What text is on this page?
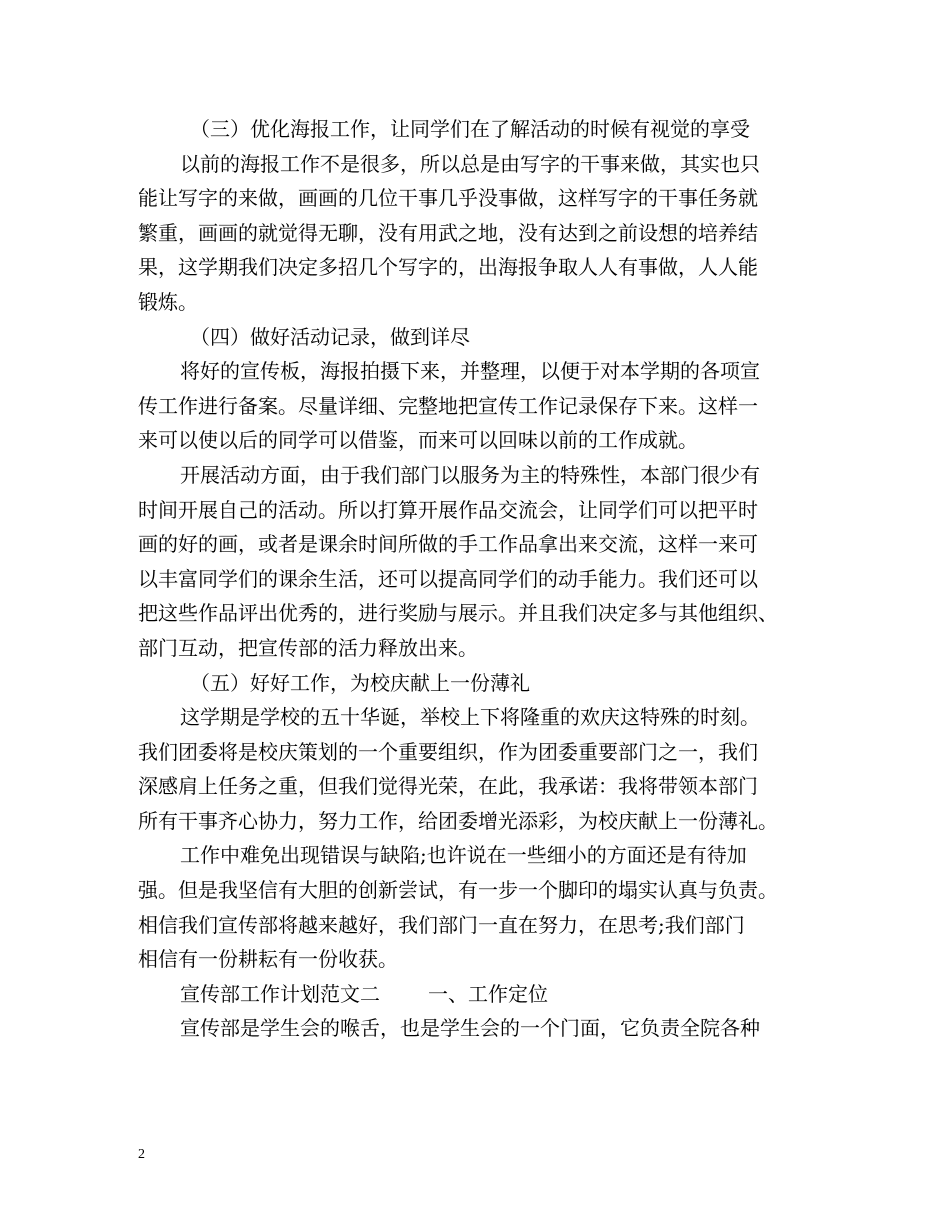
（三）优化海报工作，让同学们在了解活动的时候有视觉的享受
以前的海报工作不是很多，所以总是由写字的干事来做，其实也只
能让写字的来做，画画的几位干事几乎没事做，这样写字的干事任务就
繁重，画画的就觉得无聊，没有用武之地，没有达到之前设想的培养结
果，这学期我们决定多招几个写字的，出海报争取人人有事做，人人能
锻炼。
（四）做好活动记录，做到详尽
将好的宣传板，海报拍摄下来，并整理，以便于对本学期的各项宣
传工作进行备案。尽量详细、完整地把宣传工作记录保存下来。这样一
来可以使以后的同学可以借鉴，而来可以回味以前的工作成就。
开展活动方面，由于我们部门以服务为主的特殊性，本部门很少有
时间开展自己的活动。所以打算开展作品交流会，让同学们可以把平时
画的好的画，或者是课余时间所做的手工作品拿出来交流，这样一来可
以丰富同学们的课余生活，还可以提高同学们的动手能力。我们还可以
把这些作品评出优秀的，进行奖励与展示。并且我们决定多与其他组织、
部门互动，把宣传部的活力释放出来。
（五）好好工作，为校庆献上一份薄礼
这学期是学校的五十华诞，举校上下将隆重的欢庆这特殊的时刻。
我们团委将是校庆策划的一个重要组织，作为团委重要部门之一，我们
深感肩上任务之重，但我们觉得光荣，在此，我承诺：我将带领本部门
所有干事齐心协力，努力工作，给团委增光添彩，为校庆献上一份薄礼。
工作中难免出现错误与缺陷;也许说在一些细小的方面还是有待加
强。但是我坚信有大胆的创新尝试，有一步一个脚印的塌实认真与负责。
相信我们宣传部将越来越好，我们部门一直在努力，在思考;我们部门
相信有一份耕耘有一份收获。
宣传部工作计划范文二 一、工作定位
宣传部是学生会的喉舌，也是学生会的一个门面，它负责全院各种
2
